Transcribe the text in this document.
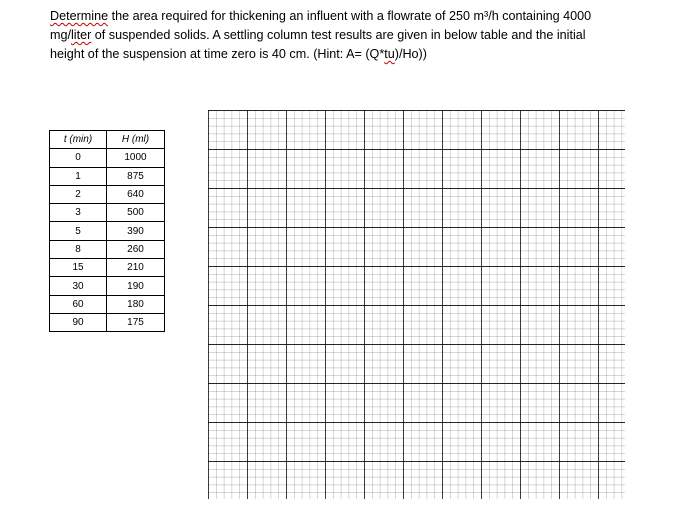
Determine the area required for thickening an influent with a flowrate of 250 m³/h containing 4000 mg/liter of suspended solids. A settling column test results are given in below table and the initial height of the suspension at time zero is 40 cm. (Hint: A= (Q*tu)/Ho))

t (min)	H (ml)
0	1000
1	875
2	640
3	500
5	390
8	260
15	210
30	190
60	180
90	175
